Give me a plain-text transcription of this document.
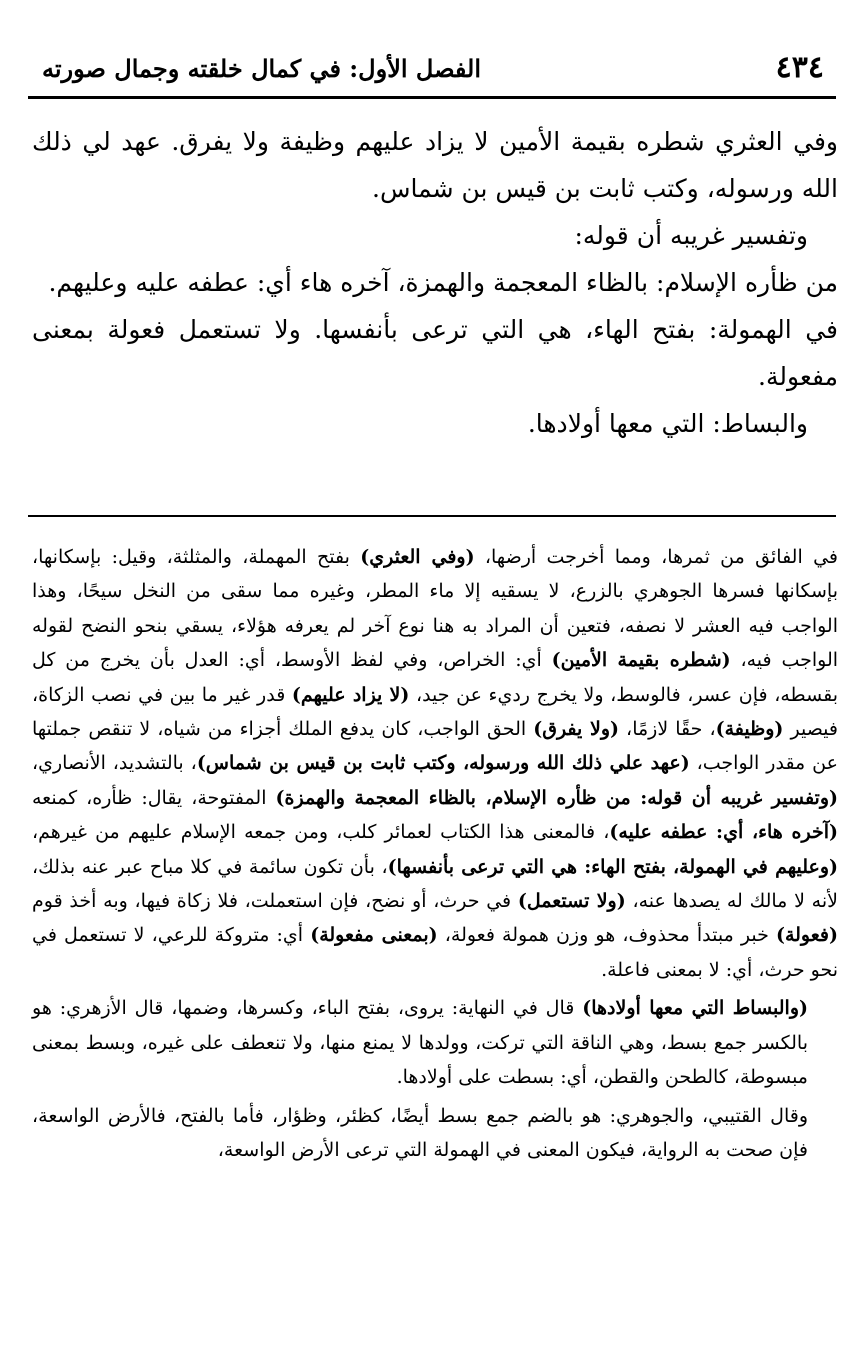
٤٣٤
الفصل الأول: في كمال خلقته وجمال صورته

وفي العثري شطره بقيمة الأمين لا يزاد عليهم وظيفة ولا يفرق. عهد لي ذلك الله ورسوله، وكتب ثابت بن قيس بن شماس.

وتفسير غريبه أن قوله:

من ظأره الإسلام: بالظاء المعجمة والهمزة، آخره هاء أي: عطفه عليه وعليهم.

في الهمولة: بفتح الهاء، هي التي ترعى بأنفسها. ولا تستعمل فعولة بمعنى مفعولة.

والبساط: التي معها أولادها.

في الفائق من ثمرها، ومما أخرجت أرضها، (وفي العثري) بفتح المهملة، والمثلثة، وقيل: بإسكانها، بإسكانها فسرها الجوهري بالزرع، لا يسقيه إلا ماء المطر، وغيره مما سقى من النخل سيحًا، وهذا الواجب فيه العشر لا نصفه، فتعين أن المراد به هنا نوع آخر لم يعرفه هؤلاء، يسقي بنحو النضح لقوله الواجب فيه، (شطره بقيمة الأمين) أي: الخراص، وفي لفظ الأوسط، أي: العدل بأن يخرج من كل بقسطه، فإن عسر، فالوسط، ولا يخرج رديء عن جيد، (لا يزاد عليهم) قدر غير ما بين في نصب الزكاة، فيصير (وظيفة)، حقًا لازمًا، (ولا يفرق) الحق الواجب، كان يدفع الملك أجزاء من شياه، لا تنقص جملتها عن مقدر الواجب، (عهد علي ذلك الله ورسوله، وكتب ثابت بن قيس بن شماس)، بالتشديد، الأنصاري، (وتفسير غريبه أن قوله: من ظأره الإسلام، بالظاء المعجمة والهمزة) المفتوحة، يقال: ظأره، كمنعه (آخره هاء، أي: عطفه عليه)، فالمعنى هذا الكتاب لعمائر كلب، ومن جمعه الإسلام عليهم من غيرهم، (وعليهم في الهمولة، بفتح الهاء: هي التي ترعى بأنفسها)، بأن تكون سائمة في كلا مباح عبر عنه بذلك، لأنه لا مالك له يصدها عنه، (ولا تستعمل) في حرث، أو نضح، فإن استعملت، فلا زكاة فيها، وبه أخذ قوم (فعولة) خبر مبتدأ محذوف، هو وزن همولة فعولة، (بمعنى مفعولة) أي: متروكة للرعي، لا تستعمل في نحو حرث، أي: لا بمعنى فاعلة.

(والبساط التي معها أولادها) قال في النهاية: يروى، بفتح الباء، وكسرها، وضمها، قال الأزهري: هو بالكسر جمع بسط، وهي الناقة التي تركت، وولدها لا يمنع منها، ولا تنعطف على غيره، وبسط بمعنى مبسوطة، كالطحن والقطن، أي: بسطت على أولادها.

وقال القتيبي، والجوهري: هو بالضم جمع بسط أيضًا، كظئر، وظؤار، فأما بالفتح، فالأرض الواسعة، فإن صحت به الرواية، فيكون المعنى في الهمولة التي ترعى الأرض الواسعة،
